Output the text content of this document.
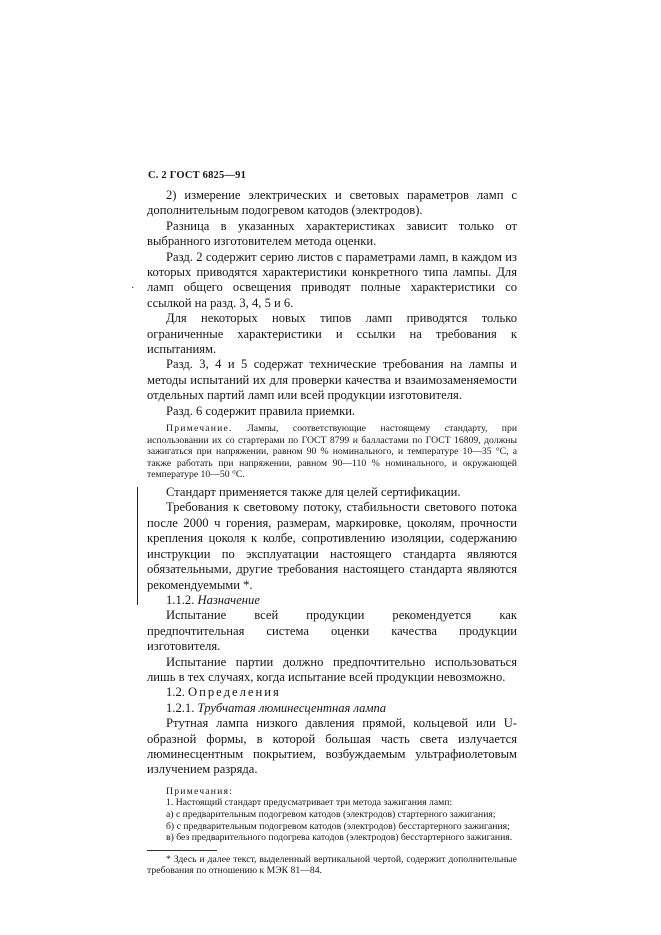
С. 2 ГОСТ 6825—91
·

2) измерение электрических и световых параметров ламп с дополнительным подогревом катодов (электродов).

Разница в указанных характеристиках зависит только от выбранного изготовителем метода оценки.

Разд. 2 содержит серию листов с параметрами ламп, в каждом из которых приводятся характеристики конкретного типа лампы. Для ламп общего освещения приводят полные характеристики со ссылкой на разд. 3, 4, 5 и 6.

Для некоторых новых типов ламп приводятся только ограниченные характеристики и ссылки на требования к испытаниям.

Разд. 3, 4 и 5 содержат технические требования на лампы и методы испытаний их для проверки качества и взаимозаменяемости отдельных партий ламп или всей продукции изготовителя.

Разд. 6 содержит правила приемки.

Примечание. Лампы, соответствующие настоящему стандарту, при использовании их со стартерами по ГОСТ 8799 и балластами по ГОСТ 16809, должны зажигаться при напряжении, равном 90 % номинального, и температуре 10—35 °С, а также работать при напряжении, равном 90—110 % номинального, и окружающей температуре 10—50 °С.

Стандарт применяется также для целей сертификации.

Требования к световому потоку, стабильности светового потока после 2000 ч горения, размерам, маркировке, цоколям, прочности крепления цоколя к колбе, сопротивлению изоляции, содержанию инструкции по эксплуатации настоящего стандарта являются обязательными, другие требования настоящего стандарта являются рекомендуемыми *.

1.1.2. Назначение

Испытание всей продукции рекомендуется как предпочтительная система оценки качества продукции изготовителя.

Испытание партии должно предпочтительно использоваться лишь в тех случаях, когда испытание всей продукции невозможно.

1.2. Определения

1.2.1. Трубчатая люминесцентная лампа

Ртутная лампа низкого давления прямой, кольцевой или U-образной формы, в которой большая часть света излучается люминесцентным покрытием, возбуждаемым ультрафиолетовым излучением разряда.

Примечания:

1. Настоящий стандарт предусматривает три метода зажигания ламп:

а) с предварительным подогревом катодов (электродов) стартерного зажигания;

б) с предварительным подогревом катодов (электродов) бесстартерного зажигания;

в) без предварительного подогрева катодов (электродов) бесстартерного зажигания.

* Здесь и далее текст, выделенный вертикальной чертой, содержит дополнительные требования по отношению к МЭК 81—84.
